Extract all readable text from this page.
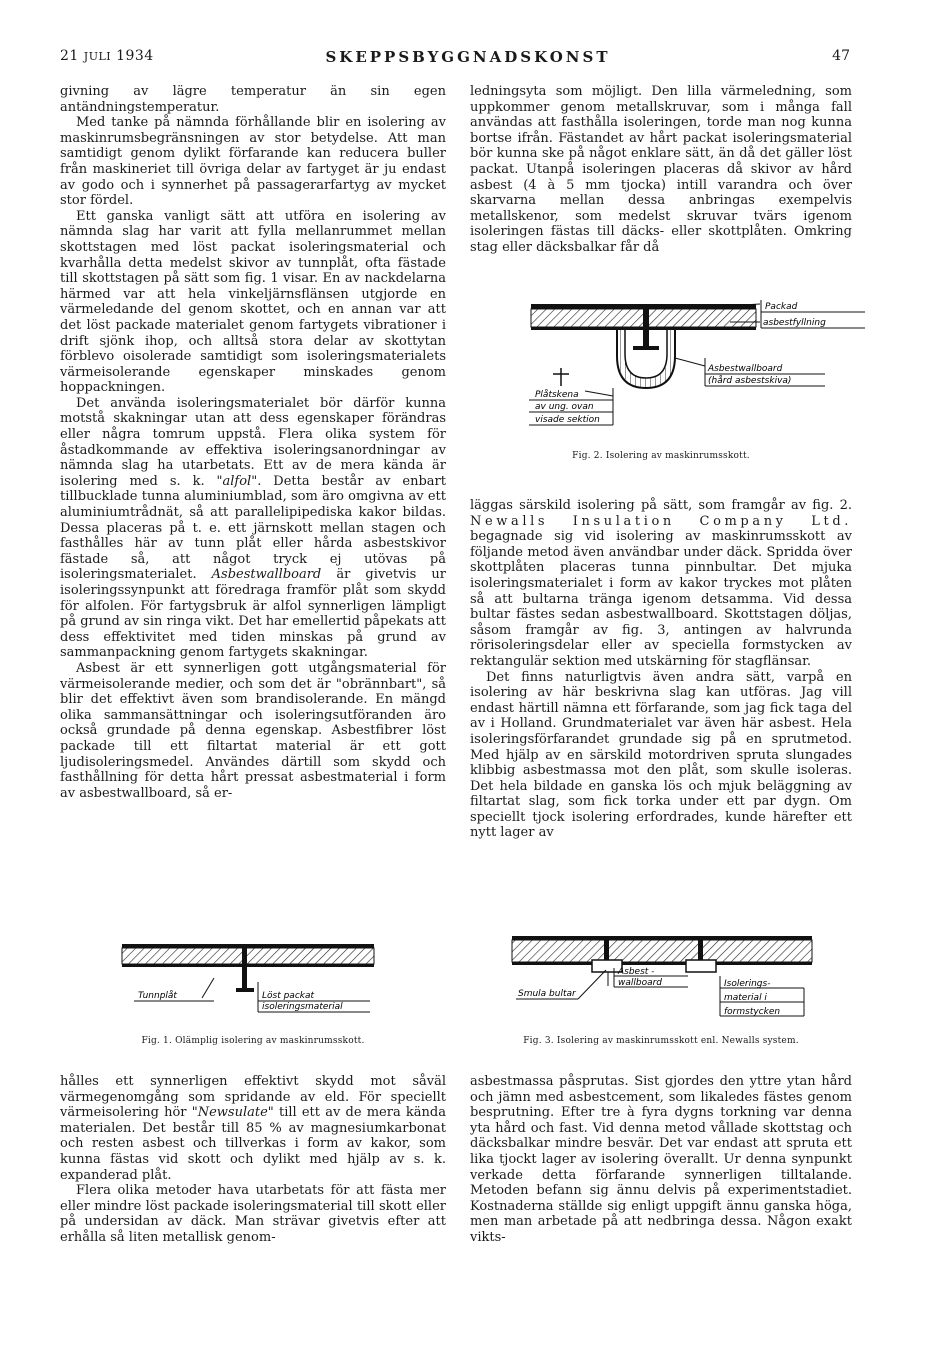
21 JULI 1934	SKEPPSBYGGNADSKONST	47

givning av lägre temperatur än sin egen antändningstemperatur.

Med tanke på nämnda förhållande blir en isolering av maskinrumsbegränsningen av stor betydelse. Att man samtidigt genom dylikt förfarande kan reducera buller från maskineriet till övriga delar av fartyget är ju endast av godo och i synnerhet på passagerarfartyg av mycket stor fördel.

Ett ganska vanligt sätt att utföra en isolering av nämnda slag har varit att fylla mellanrummet mellan skottstagen med löst packat isoleringsmaterial och kvarhålla detta medelst skivor av tunnplåt, ofta fästade till skottstagen på sätt som fig. 1 visar. En av nackdelarna härmed var att hela vinkeljärnsflänsen utgjorde en värmeledande del genom skottet, och en annan var att det löst packade materialet genom fartygets vibrationer i drift sjönk ihop, och alltså stora delar av skottytan förblevo oisolerade samtidigt som isoleringsmaterialets värmeisolerande egenskaper minskades genom hoppackningen.

Det använda isoleringsmaterialet bör därför kunna motstå skakningar utan att dess egenskaper förändras eller några tomrum uppstå. Flera olika system för åstadkommande av effektiva isoleringsanordningar av nämnda slag ha utarbetats. Ett av de mera kända är isolering med s. k. "alfol". Detta består av enbart tillbucklade tunna aluminiumblad, som äro omgivna av ett aluminiumtrådnät, så att parallelipipediska kakor bildas. Dessa placeras på t. e. ett järnskott mellan stagen och fasthålles här av tunn plåt eller hårda asbestskivor fästade så, att något tryck ej utövas på isoleringsmaterialet. Asbestwallboard är givetvis ur isoleringssynpunkt att föredraga framför plåt som skydd för alfolen. För fartygsbruk är alfol synnerligen lämpligt på grund av sin ringa vikt. Det har emellertid påpekats att dess effektivitet med tiden minskas på grund av sammanpackning genom fartygets skakningar.

Asbest är ett synnerligen gott utgångsmaterial för värmeisolerande medier, och som det är "obrännbart", så blir det effektivt även som brandisolerande. En mängd olika sammansättningar och isoleringsutföranden äro också grundade på denna egenskap. Asbestfibrer löst packade till ett filtartat material är ett gott ljudisoleringsmedel. Användes därtill som skydd och fasthållning för detta hårt pressat asbestmaterial i form av asbestwallboard, så er-

ledningsyta som möjligt. Den lilla värmeledning, som uppkommer genom metallskruvar, som i många fall användas att fasthålla isoleringen, torde man nog kunna bortse ifrån. Fästandet av hårt packat isoleringsmaterial bör kunna ske på något enklare sätt, än då det gäller löst packat. Utanpå isoleringen placeras då skivor av hård asbest (4 à 5 mm tjocka) intill varandra och över skarvarna mellan dessa anbringas exempelvis metallskenor, som medelst skruvar tvärs igenom isoleringen fästas till däcks- eller skottplåten. Omkring stag eller däcksbalkar får då

Packad
asbestfyllning
Asbestwallboard
(hård asbestskiva)
Plåtskena
av ung. ovan
visade sektion
Fig. 2. Isolering av maskinrumsskott.

läggas särskild isolering på sätt, som framgår av fig. 2. Newalls Insulation Company Ltd. begagnade sig vid isolering av maskinrumsskott av följande metod även användbar under däck. Spridda över skottplåten placeras tunna pinnbultar. Det mjuka isoleringsmaterialet i form av kakor tryckes mot plåten så att bultarna tränga igenom detsamma. Vid dessa bultar fästes sedan asbestwallboard. Skottstagen döljas, såsom framgår av fig. 3, antingen av halvrunda rörisoleringsdelar eller av speciella formstycken av rektangulär sektion med utskärning för stagflänsar.

Det finns naturligtvis även andra sätt, varpå en isolering av här beskrivna slag kan utföras. Jag vill endast härtill nämna ett förfarande, som jag fick taga del av i Holland. Grundmaterialet var även här asbest. Hela isoleringsförfarandet grundade sig på en sprutmetod. Med hjälp av en särskild motordriven spruta slungades klibbig asbestmassa mot den plåt, som skulle isoleras. Det hela bildade en ganska lös och mjuk beläggning av filtartat slag, som fick torka under ett par dygn. Om speciellt tjock isolering erfordrades, kunde härefter ett nytt lager av

Tunnplåt	Löst packat
isoleringsmaterial
Fig. 1. Olämplig isolering av maskinrumsskott.
Asbest -
wallboard
Smula bultar
Isolerings-
material i
formstycken
Fig. 3. Isolering av maskinrumsskott enl. Newalls system.

hålles ett synnerligen effektivt skydd mot såväl värmegenomgång som spridande av eld. För speciellt värmeisolering hör "Newsulate" till ett av de mera kända materialen. Det består till 85 % av magnesiumkarbonat och resten asbest och tillverkas i form av kakor, som kunna fästas vid skott och dylikt med hjälp av s. k. expanderad plåt.

Flera olika metoder hava utarbetats för att fästa mer eller mindre löst packade isoleringsmaterial till skott eller på undersidan av däck. Man strävar givetvis efter att erhålla så liten metallisk genom-

asbestmassa påsprutas. Sist gjordes den yttre ytan hård och jämn med asbestcement, som likaledes fästes genom besprutning. Efter tre à fyra dygns torkning var denna yta hård och fast. Vid denna metod vållade skottstag och däcksbalkar mindre besvär. Det var endast att spruta ett lika tjockt lager av isolering överallt. Ur denna synpunkt verkade detta förfarande synnerligen tilltalande. Metoden befann sig ännu delvis på experimentstadiet. Kostnaderna ställde sig enligt uppgift ännu ganska höga, men man arbetade på att nedbringa dessa. Någon exakt vikts-
